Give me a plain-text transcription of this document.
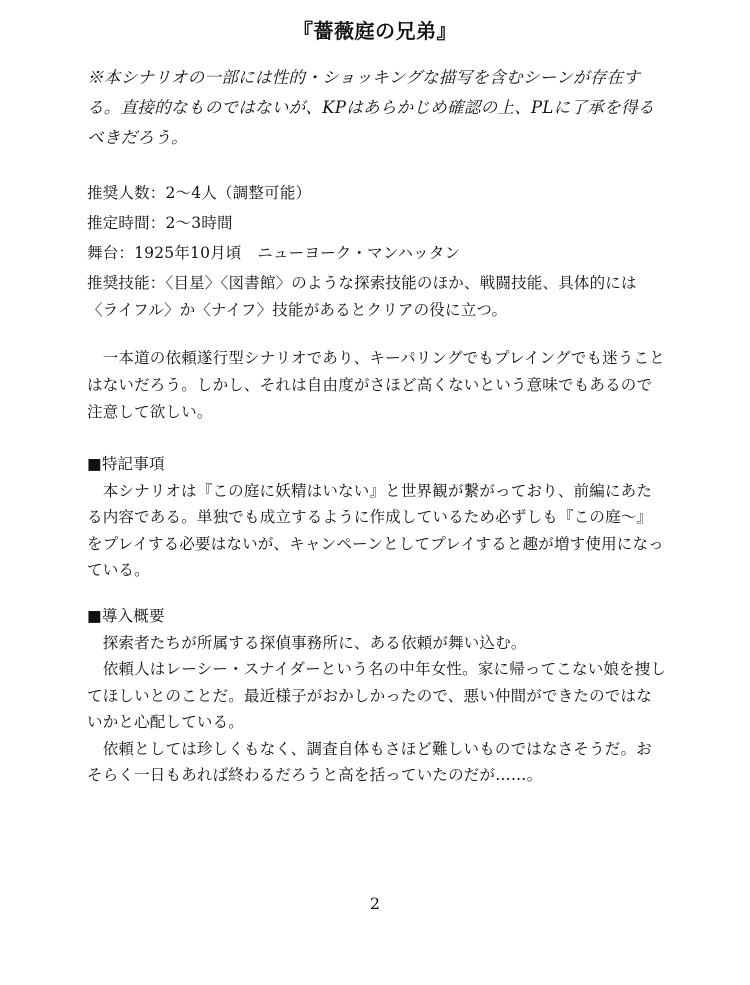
『薔薇庭の兄弟』

※本シナリオの一部には性的・ショッキングな描写を含むシーンが存在する。直接的なものではないが、KPはあらかじめ確認の上、PLに了承を得るべきだろう。

推奨人数：2〜4人（調整可能）

推定時間：2〜3時間

舞台：1925年10月頃　ニューヨーク・マンハッタン

推奨技能：〈目星〉〈図書館〉のような探索技能のほか、戦闘技能、具体的には〈ライフル〉か〈ナイフ〉技能があるとクリアの役に立つ。

　一本道の依頼遂行型シナリオであり、キーパリングでもプレイングでも迷うことはないだろう。しかし、それは自由度がさほど高くないという意味でもあるので注意して欲しい。

■特記事項

　本シナリオは『この庭に妖精はいない』と世界観が繋がっており、前編にあたる内容である。単独でも成立するように作成しているため必ずしも『この庭〜』をプレイする必要はないが、キャンペーンとしてプレイすると趣が増す使用になっている。

■導入概要

　探索者たちが所属する探偵事務所に、ある依頼が舞い込む。

　依頼人はレーシー・スナイダーという名の中年女性。家に帰ってこない娘を捜してほしいとのことだ。最近様子がおかしかったので、悪い仲間ができたのではないかと心配している。

　依頼としては珍しくもなく、調査自体もさほど難しいものではなさそうだ。おそらく一日もあれば終わるだろうと高を括っていたのだが……。

2
